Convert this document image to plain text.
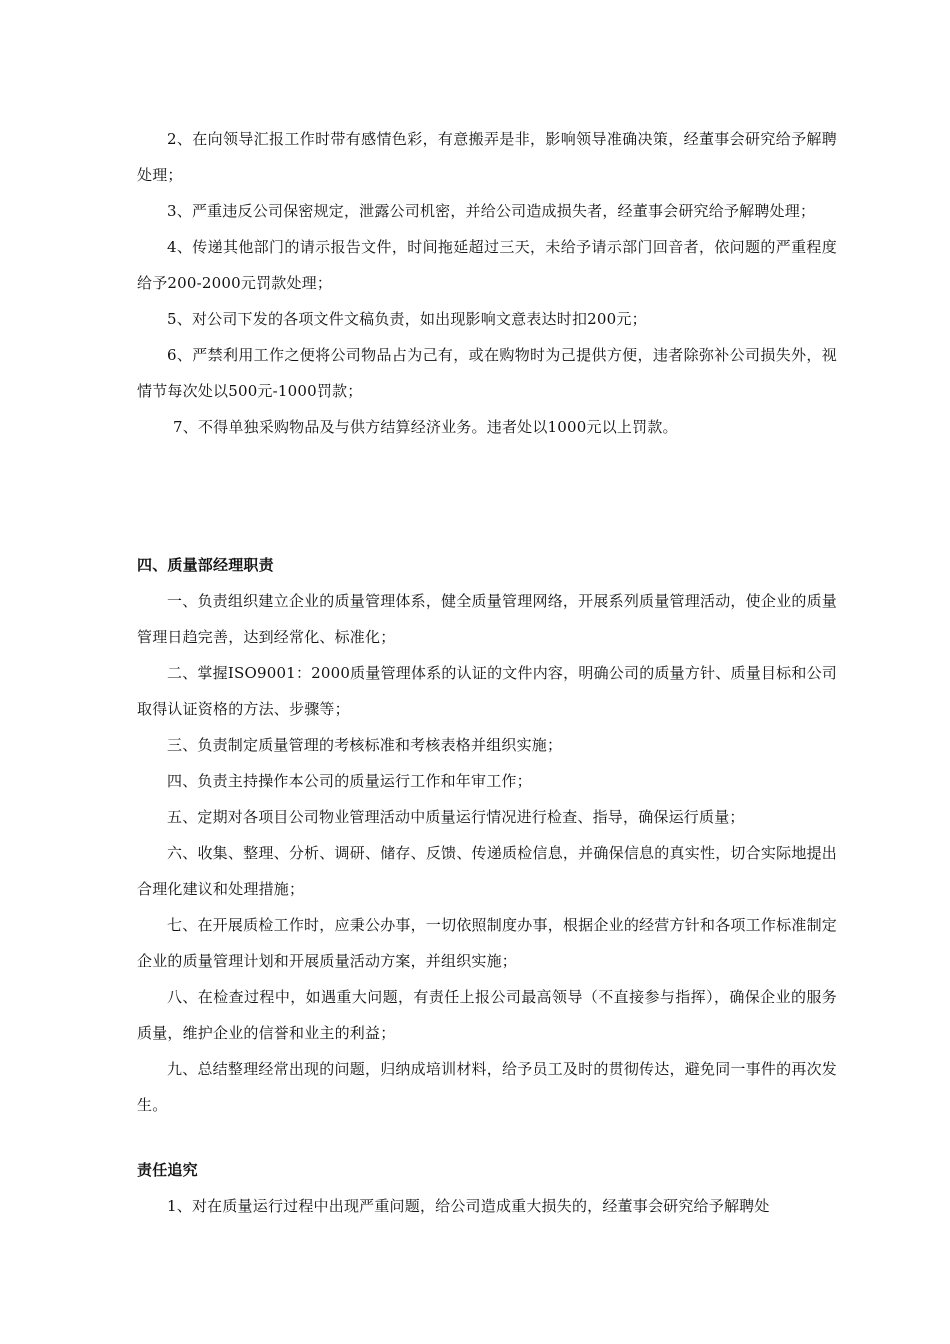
2、在向领导汇报工作时带有感情色彩，有意搬弄是非，影响领导准确决策，经董事会研究给予解聘处理；

3、严重违反公司保密规定，泄露公司机密，并给公司造成损失者，经董事会研究给予解聘处理；

4、传递其他部门的请示报告文件，时间拖延超过三天，未给予请示部门回音者，依问题的严重程度给予200-2000元罚款处理；

5、对公司下发的各项文件文稿负责，如出现影响文意表达时扣200元；

6、严禁利用工作之便将公司物品占为己有，或在购物时为己提供方便，违者除弥补公司损失外，视情节每次处以500元-1000罚款；

7、不得单独采购物品及与供方结算经济业务。违者处以1000元以上罚款。

四、质量部经理职责

一、负责组织建立企业的质量管理体系，健全质量管理网络，开展系列质量管理活动，使企业的质量管理日趋完善，达到经常化、标准化；

二、掌握ISO9001：2000质量管理体系的认证的文件内容，明确公司的质量方针、质量目标和公司取得认证资格的方法、步骤等；

三、负责制定质量管理的考核标准和考核表格并组织实施；

四、负责主持操作本公司的质量运行工作和年审工作；

五、定期对各项目公司物业管理活动中质量运行情况进行检查、指导，确保运行质量；

六、收集、整理、分析、调研、储存、反馈、传递质检信息，并确保信息的真实性，切合实际地提出合理化建议和处理措施；

七、在开展质检工作时，应秉公办事，一切依照制度办事，根据企业的经营方针和各项工作标准制定企业的质量管理计划和开展质量活动方案，并组织实施；

八、在检查过程中，如遇重大问题，有责任上报公司最高领导（不直接参与指挥），确保企业的服务质量，维护企业的信誉和业主的利益；

九、总结整理经常出现的问题，归纳成培训材料，给予员工及时的贯彻传达，避免同一事件的再次发生。

责任追究

1、对在质量运行过程中出现严重问题，给公司造成重大损失的，经董事会研究给予解聘处
